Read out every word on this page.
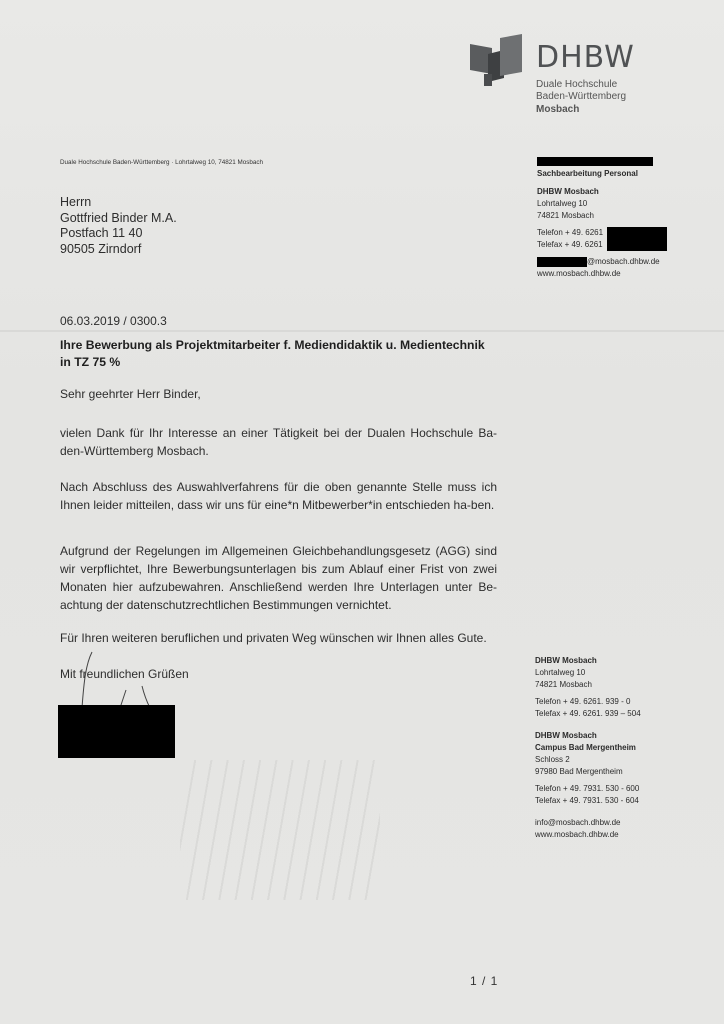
DHBW
Duale Hochschule
Baden-Württemberg
Mosbach
Duale Hochschule Baden-Württemberg · Lohrtalweg 10, 74821 Mosbach
Herrn
Gottfried Binder M.A.
Postfach 11 40
90505 Zirndorf
Sachbearbeitung Personal
DHBW Mosbach
Lohrtalweg 10
74821 Mosbach
Telefon + 49. 6261
Telefax + 49. 6261
@mosbach.dhbw.de
www.mosbach.dhbw.de
06.03.2019 / 0300.3
Ihre Bewerbung als Projektmitarbeiter f. Mediendidaktik u. Medientechnik
in TZ 75 %
Sehr geehrter Herr Binder,
vielen Dank für Ihr Interesse an einer Tätigkeit bei der Dualen Hochschule Ba-den-Württemberg Mosbach.
Nach Abschluss des Auswahlverfahrens für die oben genannte Stelle muss ich Ihnen leider mitteilen, dass wir uns für eine*n Mitbewerber*in entschieden ha-ben.
Aufgrund der Regelungen im Allgemeinen Gleichbehandlungsgesetz (AGG) sind wir verpflichtet, Ihre Bewerbungsunterlagen bis zum Ablauf einer Frist von zwei Monaten hier aufzubewahren. Anschließend werden Ihre Unterlagen unter Be-achtung der datenschutzrechtlichen Bestimmungen vernichtet.
Für Ihren weiteren beruflichen und privaten Weg wünschen wir Ihnen alles Gute.
Mit freundlichen Grüßen
DHBW Mosbach
Lohrtalweg 10
74821 Mosbach
Telefon + 49. 6261. 939 - 0
Telefax + 49. 6261. 939 – 504
DHBW Mosbach
Campus Bad Mergentheim
Schloss 2
97980 Bad Mergentheim
Telefon + 49. 7931. 530 - 600
Telefax + 49. 7931. 530 - 604
info@mosbach.dhbw.de
www.mosbach.dhbw.de
1 / 1
